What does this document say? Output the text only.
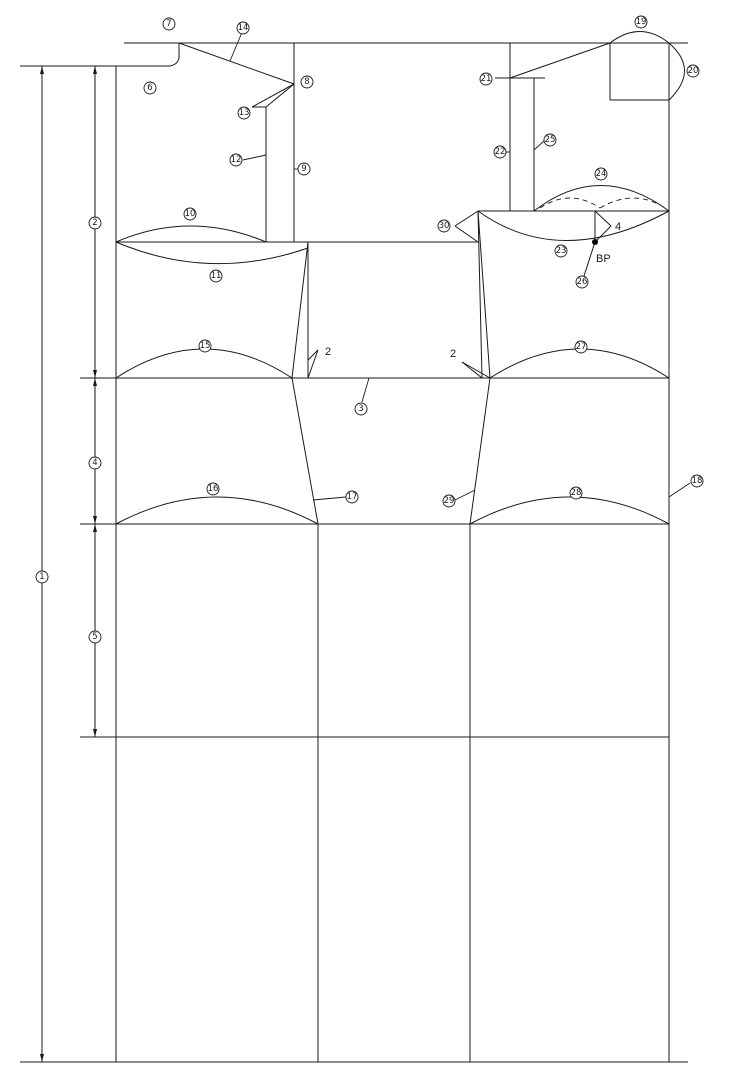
1
2
3
4
5
6
7
8
9
10
11
12
13
14
15
16
17
18
19
20
21
22
23
24
25
26
27
28
29
30
2	2
4
BP
